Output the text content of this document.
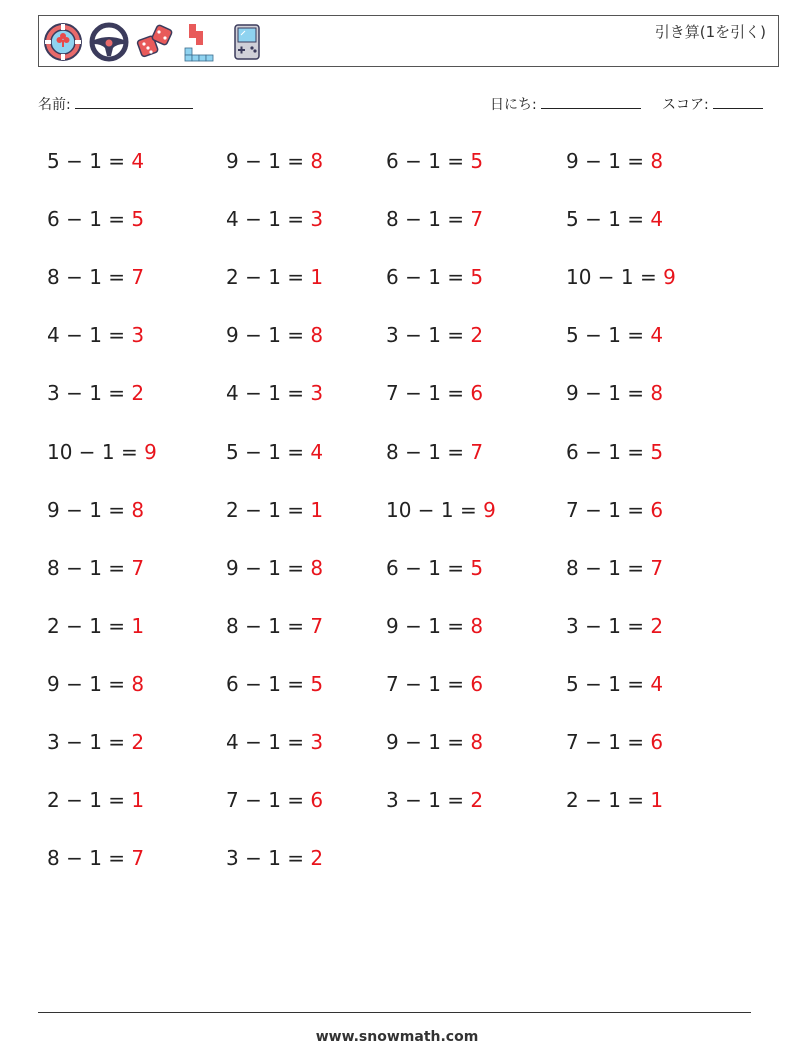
引き算(1を引く)
名前:	日にち:	スコア:
5 − 1 = 4	9 − 1 = 8	6 − 1 = 5	9 − 1 = 8
6 − 1 = 5	4 − 1 = 3	8 − 1 = 7	5 − 1 = 4
8 − 1 = 7	2 − 1 = 1	6 − 1 = 5	10 − 1 = 9
4 − 1 = 3	9 − 1 = 8	3 − 1 = 2	5 − 1 = 4
3 − 1 = 2	4 − 1 = 3	7 − 1 = 6	9 − 1 = 8
10 − 1 = 9	5 − 1 = 4	8 − 1 = 7	6 − 1 = 5
9 − 1 = 8	2 − 1 = 1	10 − 1 = 9	7 − 1 = 6
8 − 1 = 7	9 − 1 = 8	6 − 1 = 5	8 − 1 = 7
2 − 1 = 1	8 − 1 = 7	9 − 1 = 8	3 − 1 = 2
9 − 1 = 8	6 − 1 = 5	7 − 1 = 6	5 − 1 = 4
3 − 1 = 2	4 − 1 = 3	9 − 1 = 8	7 − 1 = 6
2 − 1 = 1	7 − 1 = 6	3 − 1 = 2	2 − 1 = 1
8 − 1 = 7	3 − 1 = 2
www.snowmath.com
